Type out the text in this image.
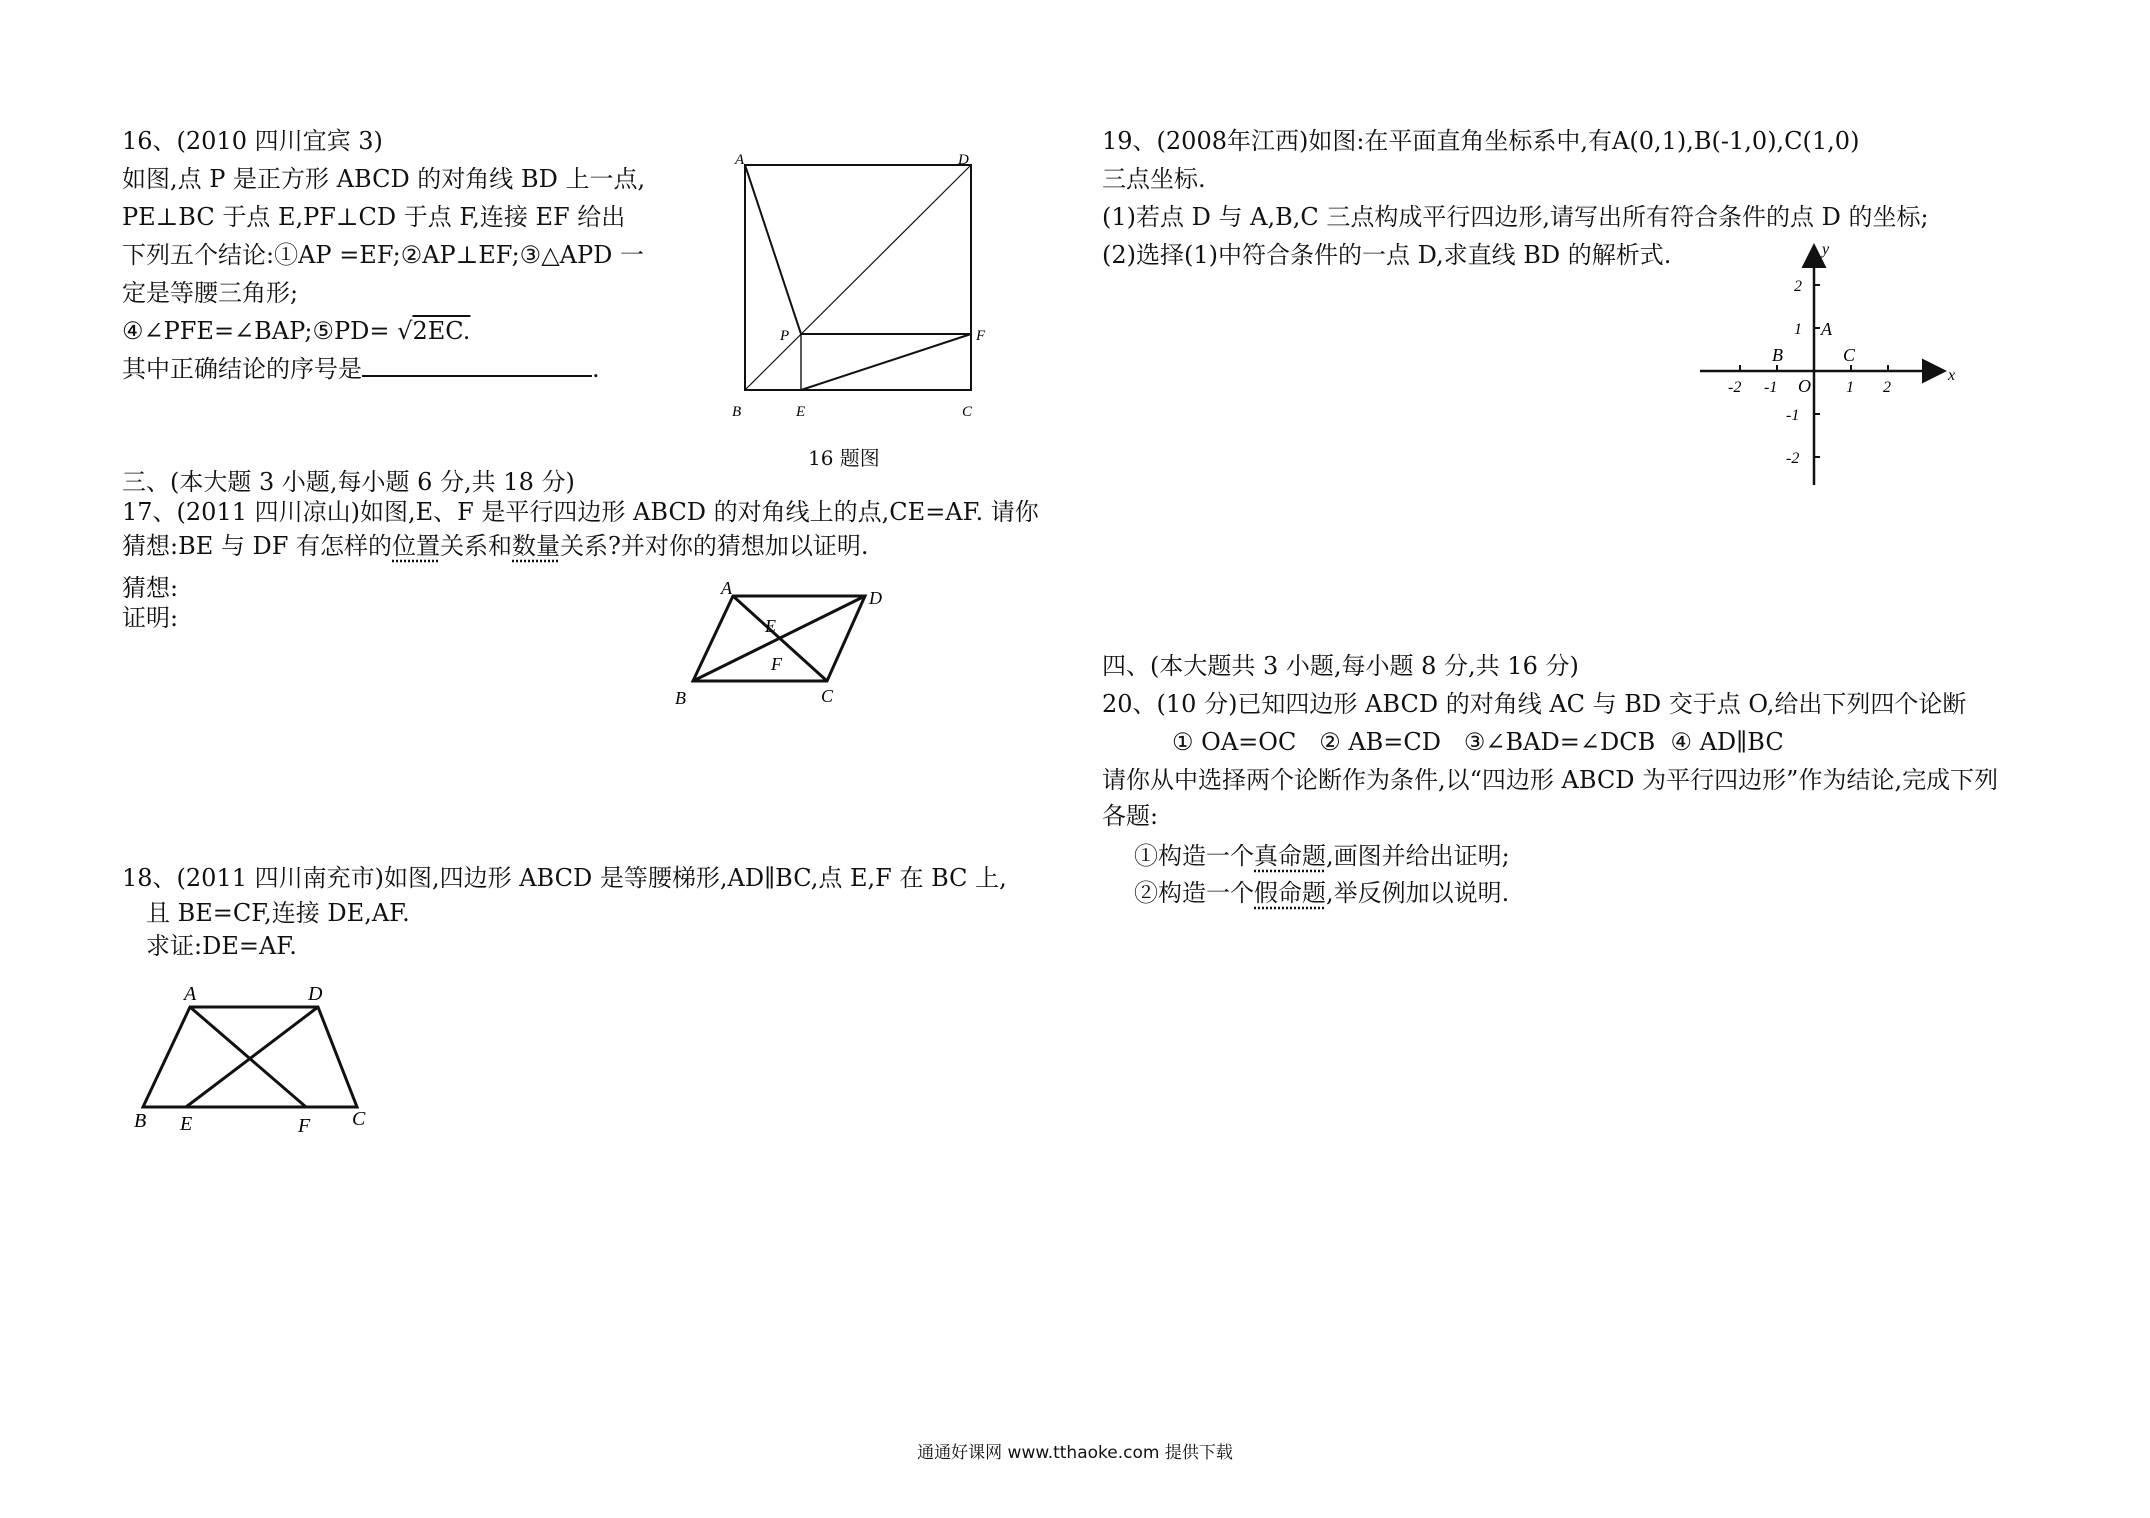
16、(2010 四川宜宾 3)
如图,点 P 是正方形 ABCD 的对角线 BD 上一点,
PE⊥BC 于点 E,PF⊥CD 于点 F,连接 EF 给出
下列五个结论:①AP =EF;②AP⊥EF;③△APD 一
定是等腰三角形;
④∠PFE=∠BAP;⑤PD= √2EC.
其中正确结论的序号是	.
A	D
P	F
B	E	C
16 题图
三、(本大题 3 小题,每小题 6 分,共 18 分)
17、(2011 四川凉山)如图,E、F 是平行四边形 ABCD 的对角线上的点,CE=AF. 请你
猜想:BE 与 DF 有怎样的位置关系和数量关系?并对你的猜想加以证明.
猜想:
证明:
A	D
E
F
B	C
18、(2011 四川南充市)如图,四边形 ABCD 是等腰梯形,AD∥BC,点 E,F 在 BC 上,
且 BE=CF,连接 DE,AF.
求证:DE=AF.
A	D
B E	F C
19、(2008年江西)如图:在平面直角坐标系中,有A(0,1),B(-1,0),C(1,0)
三点坐标.
(1)若点 D 与 A,B,C 三点构成平行四边形,请写出所有符合条件的点 D 的坐标;
(2)选择(1)中符合条件的一点 D,求直线 BD 的解析式.
x
y
O
A
B	C
-2 -1	1 2
2
1
-1
-2
四、(本大题共 3 小题,每小题 8 分,共 16 分)
20、(10 分)已知四边形 ABCD 的对角线 AC 与 BD 交于点 O,给出下列四个论断
① OA=OC   ② AB=CD   ③∠BAD=∠DCB  ④ AD∥BC
请你从中选择两个论断作为条件,以“四边形 ABCD 为平行四边形”作为结论,完成下列
各题:
①构造一个真命题,画图并给出证明;
②构造一个假命题,举反例加以说明.
通通好课网 www.tthaoke.com 提供下载
